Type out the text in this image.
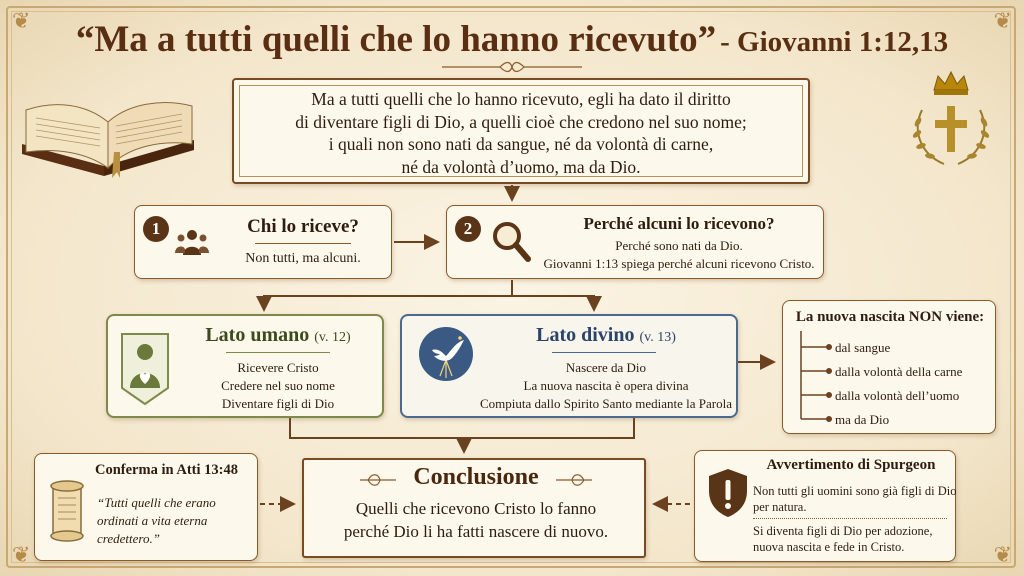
❦	❦
❦	❦
“Ma a tutti quelli che lo hanno ricevuto” - Giovanni 1:12,13
Ma a tutti quelli che lo hanno ricevuto, egli ha dato il diritto
di diventare figli di Dio, a quelli cioè che credono nel suo nome;
i quali non sono nati da sangue, né da volontà di carne,
né da volontà d’uomo, ma da Dio.
1	Chi lo riceve?
Non tutti, ma alcuni.
2	Perché alcuni lo ricevono?
Perché sono nati da Dio.
Giovanni 1:13 spiega perché alcuni ricevono Cristo.
Lato umano (v. 12)
Ricevere Cristo
Credere nel suo nome
Diventare figli di Dio
Lato divino (v. 13)
Nascere da Dio
La nuova nascita è opera divina
Compiuta dallo Spirito Santo mediante la Parola
La nuova nascita NON viene:
dal sangue
dalla volontà della carne
dalla volontà dell’uomo
ma da Dio
Conferma in Atti 13:48
“Tutti quelli che erano
ordinati a vita eterna
credettero.”
Conclusione
Quelli che ricevono Cristo lo fanno
perché Dio li ha fatti nascere di nuovo.
Avvertimento di Spurgeon
Non tutti gli uomini sono già figli di Dio
per natura.
Si diventa figli di Dio per adozione,
nuova nascita e fede in Cristo.
